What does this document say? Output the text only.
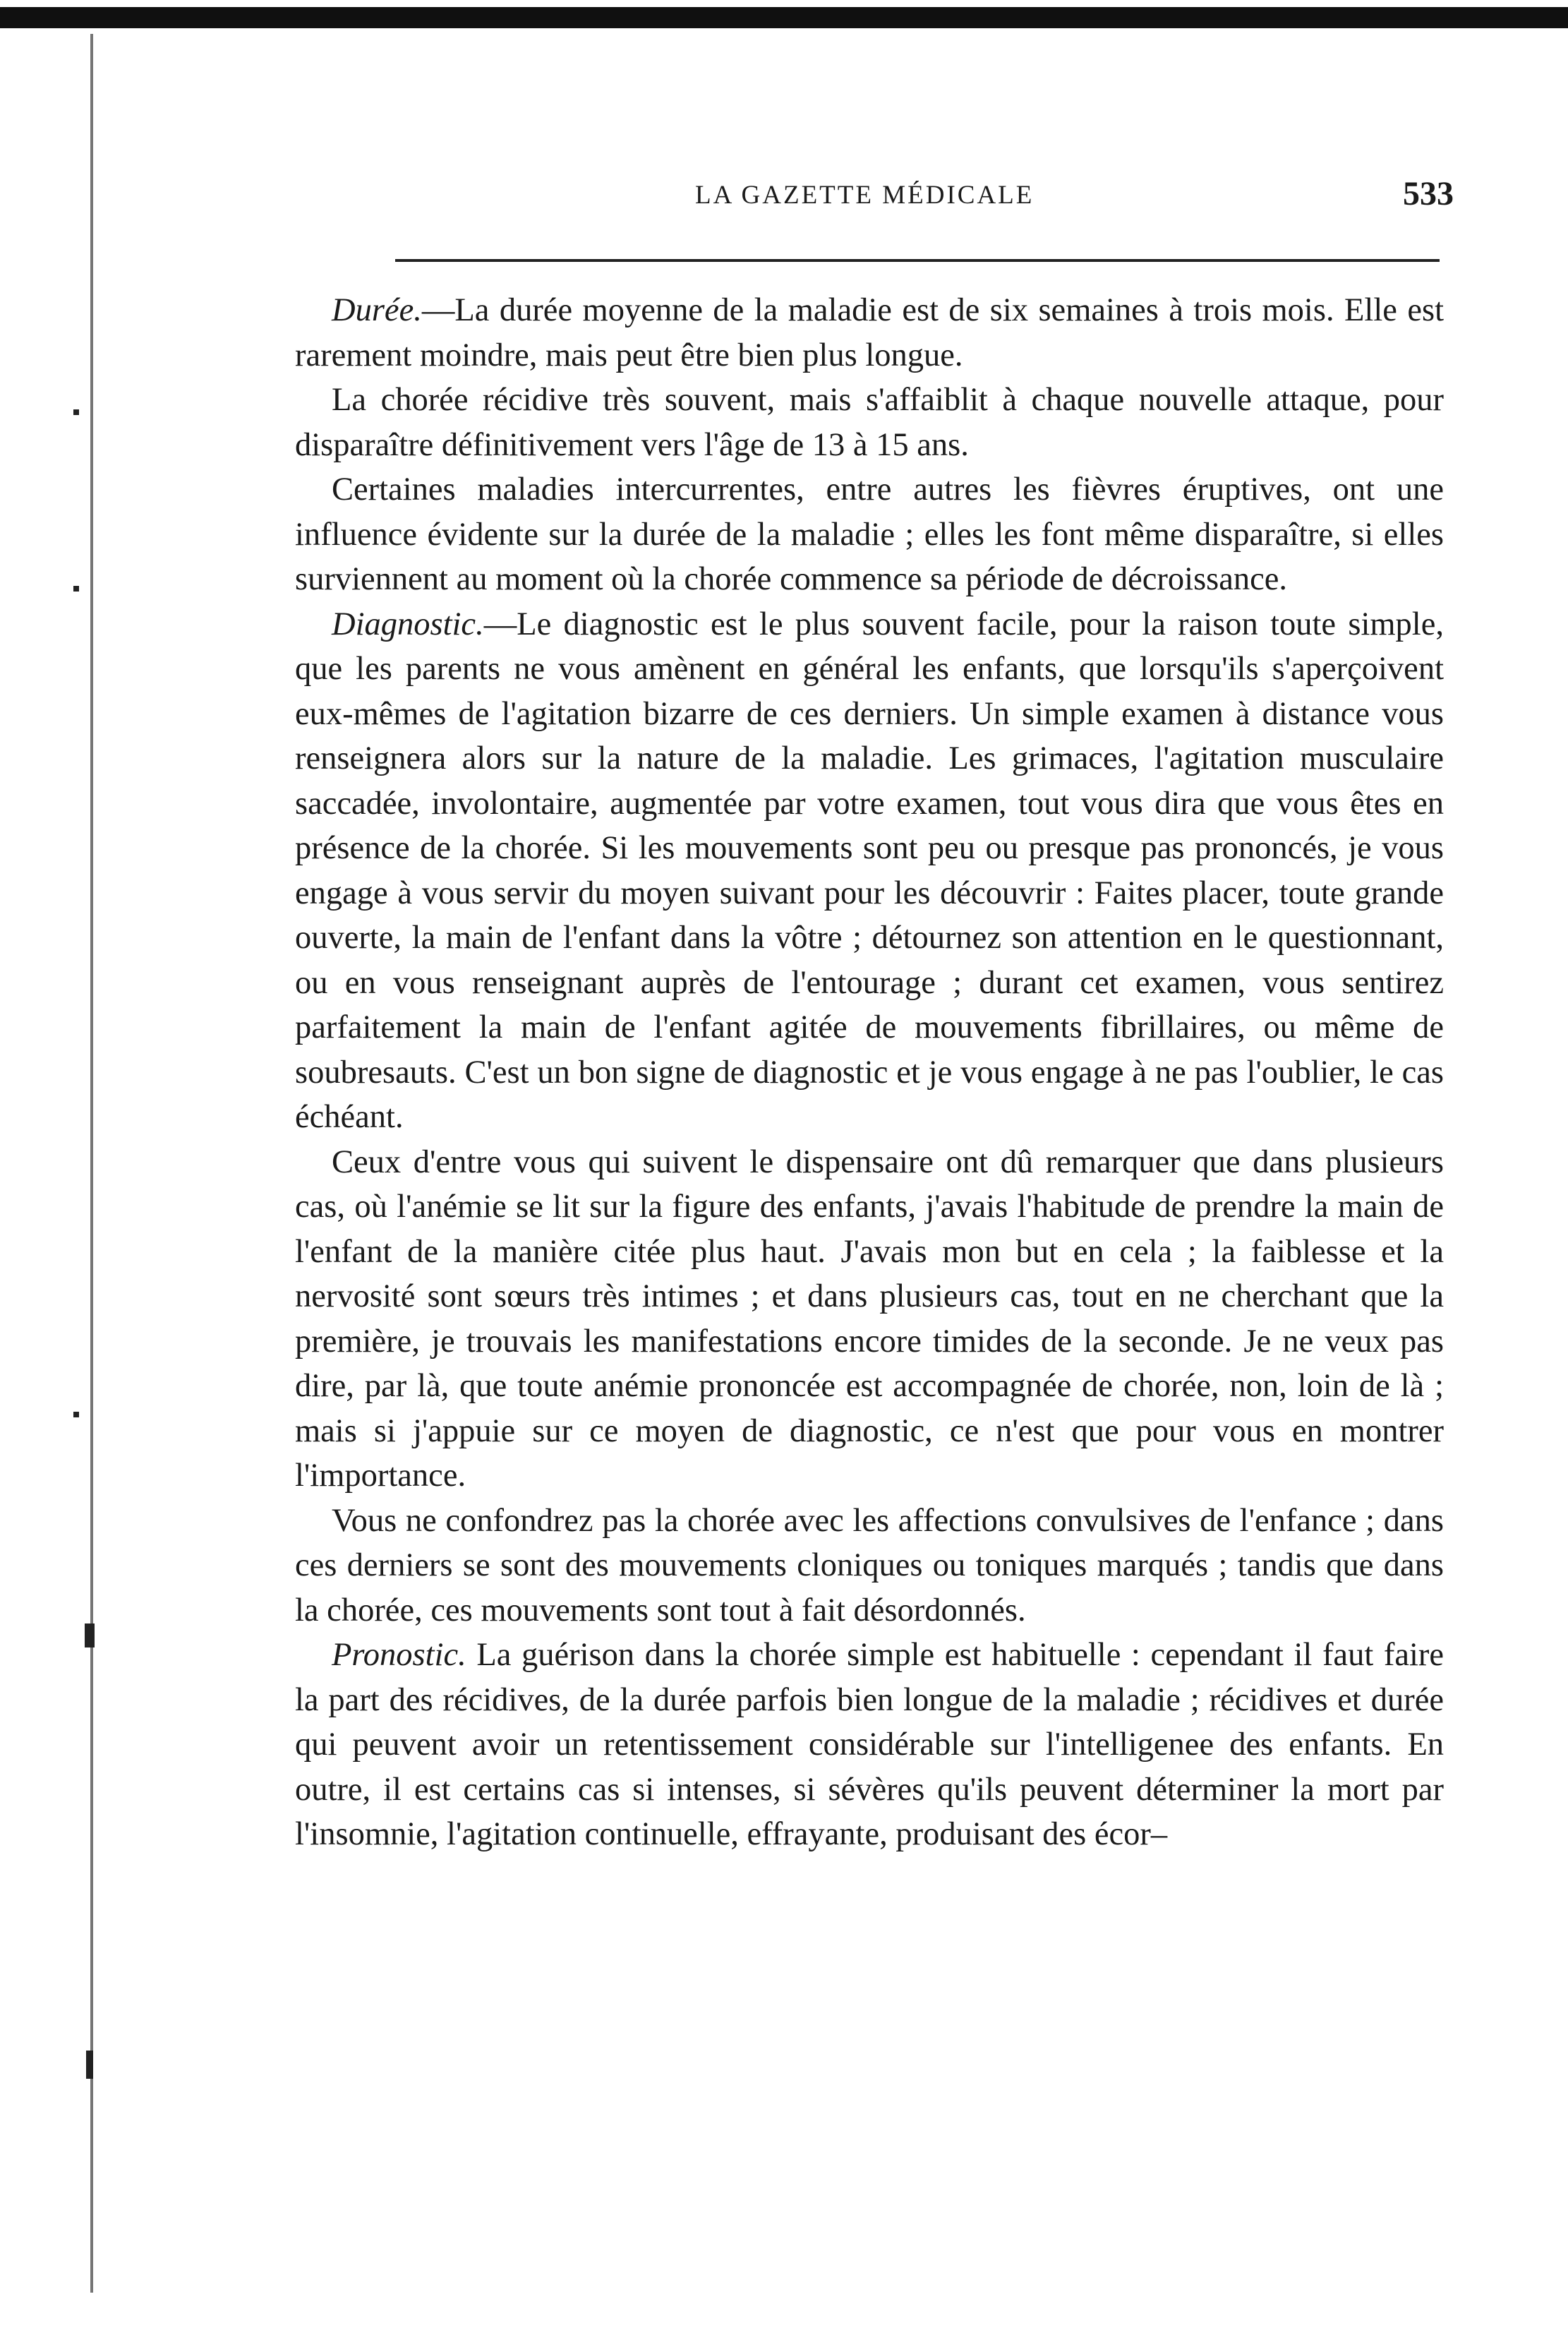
LA GAZETTE MÉDICALE	533

Durée.—La durée moyenne de la maladie est de six semaines à trois mois. Elle est rarement moindre, mais peut être bien plus longue.

La chorée récidive très souvent, mais s'affaiblit à chaque nouvelle attaque, pour disparaître définitivement vers l'âge de 13 à 15 ans.

Certaines maladies intercurrentes, entre autres les fièvres éruptives, ont une influence évidente sur la durée de la maladie ; elles les font même disparaître, si elles surviennent au moment où la chorée commence sa période de décroissance.

Diagnostic.—Le diagnostic est le plus souvent facile, pour la raison toute simple, que les parents ne vous amènent en général les enfants, que lorsqu'ils s'aperçoivent eux-mêmes de l'agitation bizarre de ces derniers. Un simple examen à distance vous renseignera alors sur la nature de la maladie. Les grimaces, l'agitation musculaire saccadée, involontaire, augmentée par votre examen, tout vous dira que vous êtes en présence de la chorée. Si les mouvements sont peu ou presque pas prononcés, je vous engage à vous servir du moyen suivant pour les découvrir : Faites placer, toute grande ouverte, la main de l'enfant dans la vôtre ; détournez son attention en le questionnant, ou en vous renseignant auprès de l'entourage ; durant cet examen, vous sentirez parfaitement la main de l'enfant agitée de mouvements fibrillaires, ou même de soubresauts. C'est un bon signe de diagnostic et je vous engage à ne pas l'oublier, le cas échéant.

Ceux d'entre vous qui suivent le dispensaire ont dû remarquer que dans plusieurs cas, où l'anémie se lit sur la figure des enfants, j'avais l'habitude de prendre la main de l'enfant de la manière citée plus haut. J'avais mon but en cela ; la faiblesse et la nervosité sont sœurs très intimes ; et dans plusieurs cas, tout en ne cherchant que la première, je trouvais les manifestations encore timides de la seconde. Je ne veux pas dire, par là, que toute anémie prononcée est accompagnée de chorée, non, loin de là ; mais si j'appuie sur ce moyen de diagnostic, ce n'est que pour vous en montrer l'importance.

Vous ne confondrez pas la chorée avec les affections convulsives de l'enfance ; dans ces derniers se sont des mouvements cloniques ou toniques marqués ; tandis que dans la chorée, ces mouvements sont tout à fait désordonnés.

Pronostic. La guérison dans la chorée simple est habituelle : cependant il faut faire la part des récidives, de la durée parfois bien longue de la maladie ; récidives et durée qui peuvent avoir un retentissement considérable sur l'intelligenee des enfants. En outre, il est certains cas si intenses, si sévères qu'ils peuvent déterminer la mort par l'insomnie, l'agitation continuelle, effrayante, produisant des écor–
